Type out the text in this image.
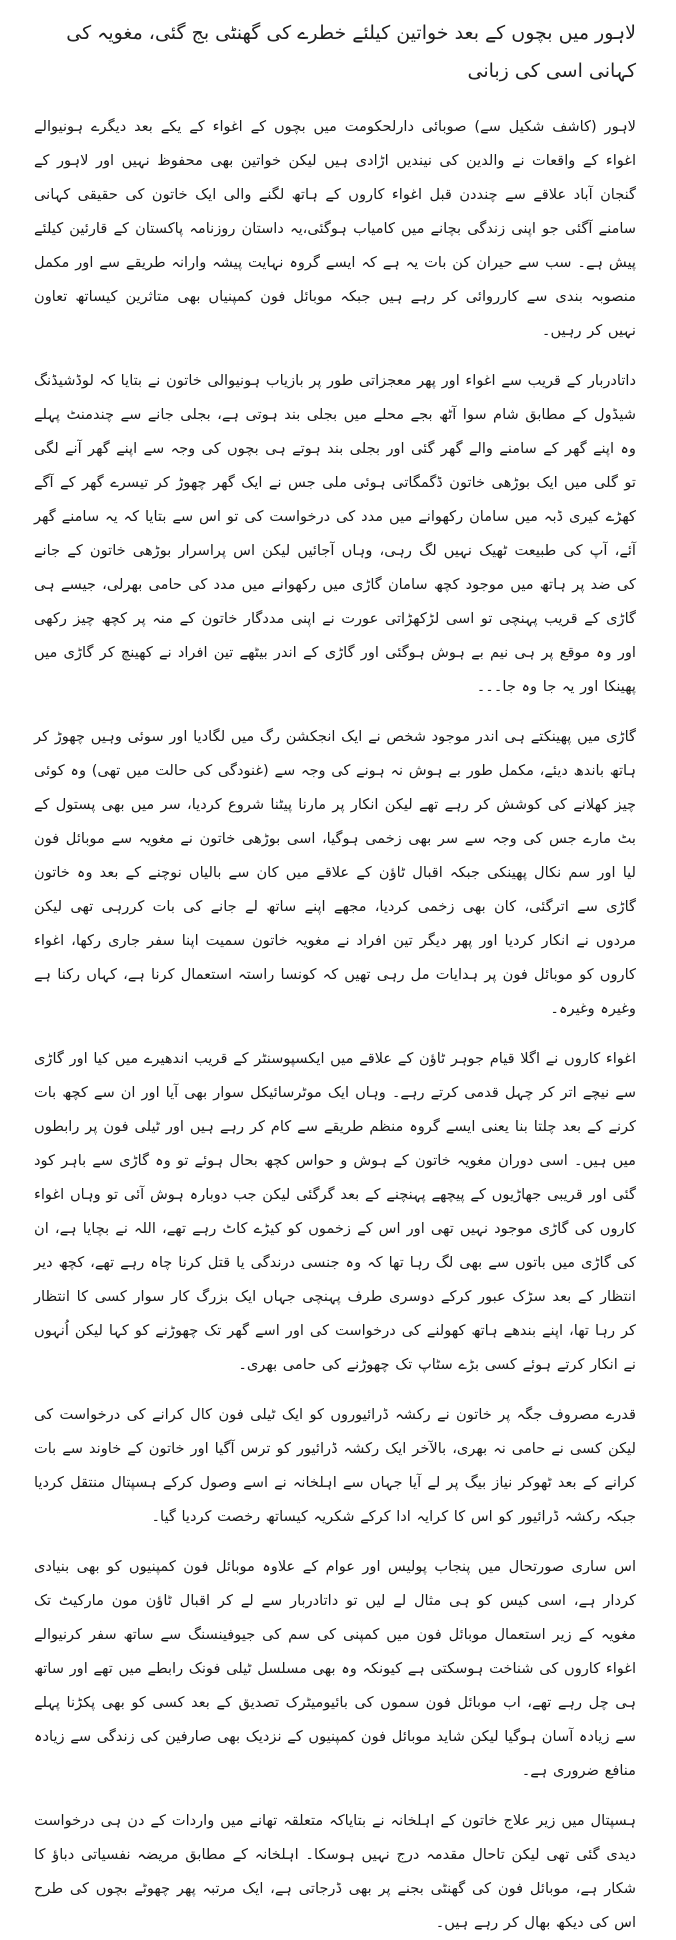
لاہور میں بچوں کے بعد خواتین کیلئے خطرے کی گھنٹی بج گئی، مغویہ کی کہانی اسی کی زبانی

لاہور (کاشف شکیل سے) صوبائی دارلحکومت میں بچوں کے اغواء کے یکے بعد دیگرے ہونیوالے اغواء کے واقعات نے والدین کی نیندیں اڑادی ہیں لیکن خواتین بھی محفوظ نہیں اور لاہور کے گنجان آباد علاقے سے چنددن قبل اغواء کاروں کے ہاتھ لگنے والی ایک خاتون کی حقیقی کہانی سامنے آگئی جو اپنی زندگی بچانے میں کامیاب ہوگئی،یہ داستان روزنامہ پاکستان کے قارئین کیلئے پیش ہے۔ سب سے حیران کن بات یہ ہے کہ ایسے گروہ نہایت پیشہ وارانہ طریقے سے اور مکمل منصوبہ بندی سے کارروائی کر رہے ہیں جبکہ موبائل فون کمپنیاں بھی متاثرین کیساتھ تعاون نہیں کر رہیں۔

داتادربار کے قریب سے اغواء اور پھر معجزاتی طور پر بازیاب ہونیوالی خاتون نے بتایا کہ لوڈشیڈنگ شیڈول کے مطابق شام سوا آٹھ بجے محلے میں بجلی بند ہوتی ہے، بجلی جانے سے چندمنٹ پہلے وہ اپنے گھر کے سامنے والے گھر گئی اور بجلی بند ہوتے ہی بچوں کی وجہ سے اپنے گھر آنے لگی تو گلی میں ایک بوڑھی خاتون ڈگمگاتی ہوئی ملی جس نے ایک گھر چھوڑ کر تیسرے گھر کے آگے کھڑے کیری ڈبہ میں سامان رکھوانے میں مدد کی درخواست کی تو اس سے بتایا کہ یہ سامنے گھر آئے، آپ کی طبیعت ٹھیک نہیں لگ رہی، وہاں آجائیں لیکن اس پراسرار بوڑھی خاتون کے جانے کی ضد پر ہاتھ میں موجود کچھ سامان گاڑی میں رکھوانے میں مدد کی حامی بھرلی، جیسے ہی گاڑی کے قریب پہنچی تو اسی لڑکھڑاتی عورت نے اپنی مددگار خاتون کے منہ پر کچھ چیز رکھی اور وہ موقع پر ہی نیم بے ہوش ہوگئی اور گاڑی کے اندر بیٹھے تین افراد نے کھینچ کر گاڑی میں پھینکا اور یہ جا وہ جا۔۔۔

گاڑی میں پھینکتے ہی اندر موجود شخص نے ایک انجکشن رگ میں لگادیا اور سوئی وہیں چھوڑ کر ہاتھ باندھ دیئے، مکمل طور بے ہوش نہ ہونے کی وجہ سے (غنودگی کی حالت میں تھی) وہ کوئی چیز کھلانے کی کوشش کر رہے تھے لیکن انکار پر مارنا پیٹنا شروع کردیا، سر میں بھی پستول کے بٹ مارے جس کی وجہ سے سر بھی زخمی ہوگیا، اسی بوڑھی خاتون نے مغویہ سے موبائل فون لیا اور سم نکال پھینکی جبکہ اقبال ٹاؤن کے علاقے میں کان سے بالیاں نوچنے کے بعد وہ خاتون گاڑی سے اترگئی، کان بھی زخمی کردیا، مجھے اپنے ساتھ لے جانے کی بات کررہی تھی لیکن مردوں نے انکار کردیا اور پھر دیگر تین افراد نے مغویہ خاتون سمیت اپنا سفر جاری رکھا، اغواء کاروں کو موبائل فون پر ہدایات مل رہی تھیں کہ کونسا راستہ استعمال کرنا ہے، کہاں رکنا ہے وغیرہ وغیرہ۔

اغواء کاروں نے اگلا قیام جوہر ٹاؤن کے علاقے میں ایکسپوسنٹر کے قریب اندھیرے میں کیا اور گاڑی سے نیچے اتر کر چہل قدمی کرتے رہے۔ وہاں ایک موٹرسائیکل سوار بھی آیا اور ان سے کچھ بات کرنے کے بعد چلتا بنا یعنی ایسے گروہ منظم طریقے سے کام کر رہے ہیں اور ٹیلی فون پر رابطوں میں ہیں۔ اسی دوران مغویہ خاتون کے ہوش و حواس کچھ بحال ہوئے تو وہ گاڑی سے باہر کود گئی اور قریبی جھاڑیوں کے پیچھے پہنچنے کے بعد گرگئی لیکن جب دوبارہ ہوش آئی تو وہاں اغواء کاروں کی گاڑی موجود نہیں تھی اور اس کے زخموں کو کیڑے کاٹ رہے تھے، اللہ نے بچایا ہے، ان کی گاڑی میں باتوں سے بھی لگ رہا تھا کہ وہ جنسی درندگی یا قتل کرنا چاہ رہے تھے، کچھ دیر انتظار کے بعد سڑک عبور کرکے دوسری طرف پہنچی جہاں ایک بزرگ کار سوار کسی کا انتظار کر رہا تھا، اپنے بندھے ہاتھ کھولنے کی درخواست کی اور اسے گھر تک چھوڑنے کو کہا لیکن اُنہوں نے انکار کرتے ہوئے کسی بڑے سٹاپ تک چھوڑنے کی حامی بھری۔

قدرے مصروف جگہ پر خاتون نے رکشہ ڈرائیوروں کو ایک ٹیلی فون کال کرانے کی درخواست کی لیکن کسی نے حامی نہ بھری، بالآخر ایک رکشہ ڈرائیور کو ترس آگیا اور خاتون کے خاوند سے بات کرانے کے بعد ٹھوکر نیاز بیگ پر لے آیا جہاں سے اہلخانہ نے اسے وصول کرکے ہسپتال منتقل کردیا جبکہ رکشہ ڈرائیور کو اس کا کرایہ ادا کرکے شکریہ کیساتھ رخصت کردیا گیا۔

اس ساری صورتحال میں پنجاب پولیس اور عوام کے علاوہ موبائل فون کمپنیوں کو بھی بنیادی کردار ہے، اسی کیس کو ہی مثال لے لیں تو داتادربار سے لے کر اقبال ٹاؤن مون مارکیٹ تک مغویہ کے زیر استعمال موبائل فون میں کمپنی کی سم کی جیوفینسنگ سے ساتھ سفر کرنیوالے اغواء کاروں کی شناخت ہوسکتی ہے کیونکہ وہ بھی مسلسل ٹیلی فونک رابطے میں تھے اور ساتھ ہی چل رہے تھے، اب موبائل فون سموں کی بائیومیٹرک تصدیق کے بعد کسی کو بھی پکڑنا پہلے سے زیادہ آسان ہوگیا لیکن شاید موبائل فون کمپنیوں کے نزدیک بھی صارفین کی زندگی سے زیادہ منافع ضروری ہے۔

ہسپتال میں زیر علاج خاتون کے اہلخانہ نے بتایاکہ متعلقہ تھانے میں واردات کے دن ہی درخواست دیدی گئی تھی لیکن تاحال مقدمہ درج نہیں ہوسکا۔ اہلخانہ کے مطابق مریضہ نفسیاتی دباؤ کا شکار ہے، موبائل فون کی گھنٹی بجنے پر بھی ڈرجاتی ہے، ایک مرتبہ پھر چھوٹے بچوں کی طرح اس کی دیکھ بھال کر رہے ہیں۔
